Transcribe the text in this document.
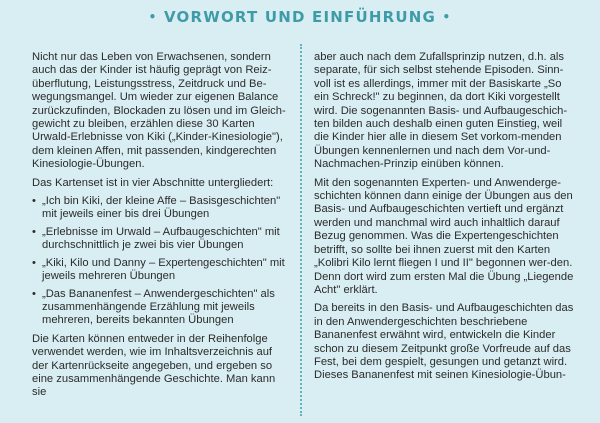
• VORWORT UND EINFÜHRUNG •

Nicht nur das Leben von Erwachsenen, sondern auch das der Kinder ist häufig geprägt von Reiz-überflutung, Leistungsstress, Zeitdruck und Be-wegungsmangel. Um wieder zur eigenen Balance zurückzufinden, Blockaden zu lösen und im Gleich-gewicht zu bleiben, erzählen diese 30 Karten Urwald-Erlebnisse von Kiki („Kinder-Kinesiologie"), dem kleinen Affen, mit passenden, kindgerechten Kinesiologie-Übungen.

Das Kartenset ist in vier Abschnitte untergliedert:

• „Ich bin Kiki, der kleine Affe – Basisgeschichten" mit jeweils einer bis drei Übungen
• „Erlebnisse im Urwald – Aufbaugeschichten" mit durchschnittlich je zwei bis vier Übungen
• „Kiki, Kilo und Danny – Expertengeschichten" mit jeweils mehreren Übungen
• „Das Bananenfest – Anwendergeschichten" als zusammenhängende Erzählung mit jeweils mehreren, bereits bekannten Übungen

Die Karten können entweder in der Reihenfolge verwendet werden, wie im Inhaltsverzeichnis auf der Kartenrückseite angegeben, und ergeben so eine zusammenhängende Geschichte. Man kann sie

aber auch nach dem Zufallsprinzip nutzen, d.h. als separate, für sich selbst stehende Episoden. Sinn-voll ist es allerdings, immer mit der Basiskarte „So ein Schreck!" zu beginnen, da dort Kiki vorgestellt wird. Die sogenannten Basis- und Aufbaugeschich-ten bilden auch deshalb einen guten Einstieg, weil die Kinder hier alle in diesem Set vorkom-menden Übungen kennenlernen und nach dem Vor-und-Nachmachen-Prinzip einüben können.

Mit den sogenannten Experten- und Anwenderge-schichten können dann einige der Übungen aus den Basis- und Aufbaugeschichten vertieft und ergänzt werden und manchmal wird auch inhaltlich darauf Bezug genommen. Was die Expertengeschichten betrifft, so sollte bei ihnen zuerst mit den Karten „Kolibri Kilo lernt fliegen I und II" begonnen wer-den. Denn dort wird zum ersten Mal die Übung „Liegende Acht" erklärt.

Da bereits in den Basis- und Aufbaugeschichten das in den Anwendergeschichten beschriebene Bananenfest erwähnt wird, entwickeln die Kinder schon zu diesem Zeitpunkt große Vorfreude auf das Fest, bei dem gespielt, gesungen und getanzt wird. Dieses Bananenfest mit seinen Kinesiologie-Übun-
